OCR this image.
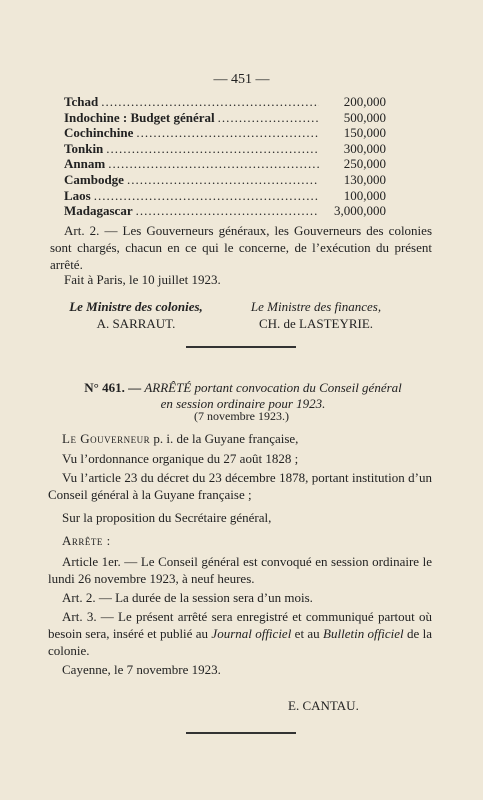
— 451 —
Tchad .....	200,000
Indochine : Budget général .....	500,000
Cochinchine .....	150,000
Tonkin .....	300,000
Annam .....	250,000
Cambodge .....	130,000
Laos .....	100,000
Madagascar .....	3,000,000
Art. 2. — Les Gouverneurs généraux, les Gouverneurs des colonies sont chargés, chacun en ce qui le concerne, de l’exécution du présent arrêté.
Fait à Paris, le 10 juillet 1923.
Le Ministre des colonies,
A. SARRAUT.
Le Ministre des finances,
CH. de LASTEYRIE.
N° 461. — ARRÊTÉ portant convocation du Conseil général
en session ordinaire pour 1923.
(7 novembre 1923.)
Le Gouverneur p. i. de la Guyane française,
Vu l’ordonnance organique du 27 août 1828 ;
Vu l’article 23 du décret du 23 décembre 1878, portant institution d’un Conseil général à la Guyane française ;
Sur la proposition du Secrétaire général,
Arrête :
Article 1er. — Le Conseil général est convoqué en session ordinaire le lundi 26 novembre 1923, à neuf heures.
Art. 2. — La durée de la session sera d’un mois.
Art. 3. — Le présent arrêté sera enregistré et communiqué partout où besoin sera, inséré et publié au Journal officiel et au Bulletin officiel de la colonie.
Cayenne, le 7 novembre 1923.
E. CANTAU.
